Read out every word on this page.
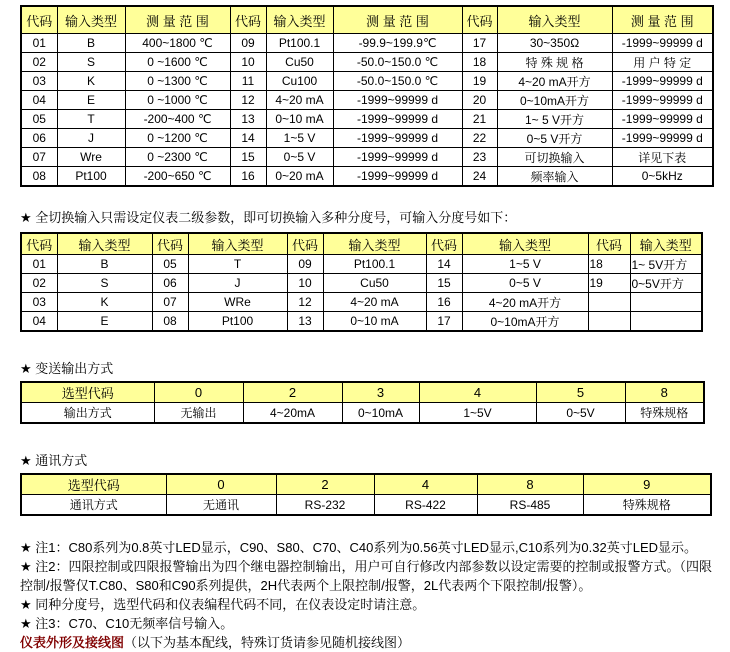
代码	输入类型	测 量 范 围	代码	输入类型	测 量 范 围	代码	输入类型	测 量 范 围
01	B	400~1800 ℃	09	Pt100.1	-99.9~199.9℃	17	30~350Ω	-1999~99999 d
02	S	0 ~1600 ℃	10	Cu50	-50.0~150.0 ℃	18	特 殊 规 格	用 户 特 定
03	K	0 ~1300 ℃	11	Cu100	-50.0~150.0 ℃	19	4~20 mA开方	-1999~99999 d
04	E	0 ~1000 ℃	12	4~20 mA	-1999~99999 d	20	0~10mA开方	-1999~99999 d
05	T	-200~400 ℃	13	0~10 mA	-1999~99999 d	21	1~ 5 V开方	-1999~99999 d
06	J	0 ~1200 ℃	14	1~5 V	-1999~99999 d	22	0~5 V开方	-1999~99999 d
07	Wre	0 ~2300 ℃	15	0~5 V	-1999~99999 d	23	可切换输入	详见下表
08	Pt100	-200~650 ℃	16	0~20 mA	-1999~99999 d	24	频率输入	0~5kHz
★ 全切换输入只需设定仪表二级参数，即可切换输入多种分度号，可输入分度号如下：
代码	输入类型	代码	输入类型	代码	输入类型	代码	输入类型	代码	输入类型
01	B	05	T	09	Pt100.1	14	1~5 V	18	1~ 5V开方
02	S	06	J	10	Cu50	15	0~5 V	19	0~5V开方
03	K	07	WRe	12	4~20 mA	16	4~20 mA开方		
04	E	08	Pt100	13	0~10 mA	17	0~10mA开方		
★ 变送输出方式
选型代码	0	2	3	4	5	8
输出方式	无输出	4~20mA	0~10mA	1~5V	0~5V	特殊规格
★ 通讯方式
选型代码	0	2	4	8	9
通讯方式	无通讯	RS-232	RS-422	RS-485	特殊规格

★ 注1：C80系列为0.8英寸LED显示，C90、S80、C70、C40系列为0.56英寸LED显示,C10系列为0.32英寸LED显示。

★ 注2：四限控制或四限报警输出为四个继电器控制输出，用户可自行修改内部参数以设定需要的控制或报警方式。（四限控制/报警仅T.C80、S80和C90系列提供，2H代表两个上限控制/报警，2L代表两个下限控制/报警）。

★ 同种分度号，选型代码和仪表编程代码不同，在仪表设定时请注意。

★ 注3：C70、C10无频率信号输入。

仪表外形及接线图（以下为基本配线，特殊订货请参见随机接线图）
